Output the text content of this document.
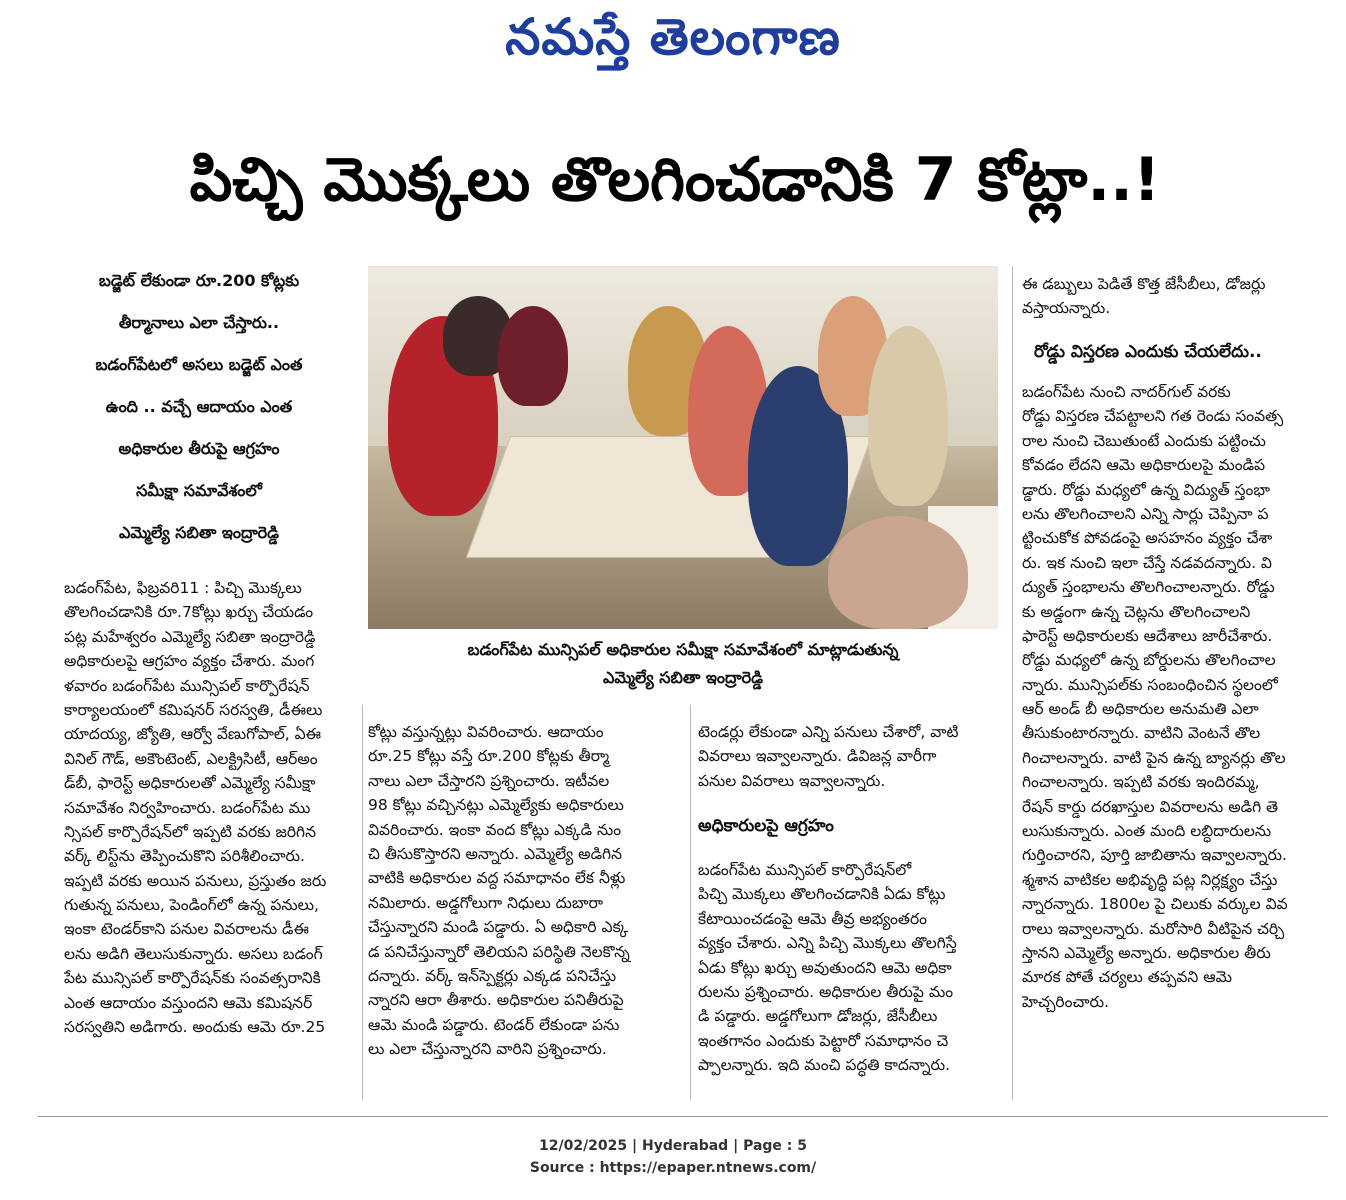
నమస్తే తెలంగాణ
పిచ్చి మొక్కలు తొలగించడానికి 7 కోట్లా..!
బడ్జెట్ లేకుండా రూ.200 కోట్లకు
తీర్మానాలు ఎలా చేస్తారు..
బడంగ్‌పేటలో అసలు బడ్జెట్ ఎంత
ఉంది .. వచ్చే ఆదాయం ఎంత
అధికారుల తీరుపై ఆగ్రహం
సమీక్షా సమావేశంలో
ఎమ్మెల్యే సబితా ఇంద్రారెడ్డి
బడంగ్‌పేట మున్సిపల్ అధికారుల సమీక్షా సమావేశంలో మాట్లాడుతున్న
ఎమ్మెల్యే సబితా ఇంద్రారెడ్డి
బడంగ్‌పేట, ఫిబ్రవరి11 : పిచ్చి మొక్కలు
తొలగించడానికి రూ.7కోట్లు ఖర్చు చేయడం
పట్ల మహేశ్వరం ఎమ్మెల్యే సబితా ఇంద్రారెడ్డి
అధికారులపై ఆగ్రహం వ్యక్తం చేశారు. మంగ
ళవారం బడంగ్‌పేట మున్సిపల్ కార్పొరేషన్
కార్యాలయంలో కమిషనర్ సరస్వతి, డీఈలు
యాదయ్య, జ్యోతి, ఆర్వో వేణుగోపాల్, ఏఈ
వినిల్ గౌడ్, అకౌంటెంట్, ఎలక్ట్రిసిటీ, ఆర్అం
డ్‌బీ, ఫారెస్ట్ అధికారులతో ఎమ్మెల్యే సమీక్షా
సమావేశం నిర్వహించారు. బడంగ్‌పేట ము
న్సిపల్ కార్పొరేషన్‌లో ఇప్పటి వరకు జరిగిన
వర్క్ లిస్ట్‌ను తెప్పించుకొని పరిశీలించారు.
ఇప్పటి వరకు అయిన పనులు, ప్రస్తుతం జరు
గుతున్న పనులు, పెండింగ్‌లో ఉన్న పనులు,
ఇంకా టెండర్‌కాని పనుల వివరాలను డీఈ
లను అడిగి తెలుసుకున్నారు. అసలు బడంగ్
పేట మున్సిపల్ కార్పొరేషన్‌కు సంవత్సరానికి
ఎంత ఆదాయం వస్తుందని ఆమె కమిషనర్
సరస్వతిని అడిగారు. అందుకు ఆమె రూ.25
కోట్లు వస్తున్నట్లు వివరించారు. ఆదాయం
రూ.25 కోట్లు వస్తే రూ.200 కోట్లకు తీర్మా
నాలు ఎలా చేస్తారని ప్రశ్నించారు. ఇటీవల
98 కోట్లు వచ్చినట్లు ఎమ్మెల్యేకు అధికారులు
వివరించారు. ఇంకా వంద కోట్లు ఎక్కడి నుం
చి తీసుకొస్తారని అన్నారు. ఎమ్మెల్యే అడిగిన
వాటికి అధికారుల వద్ద సమాధానం లేక నీళ్లు
నమిలారు. అడ్డగోలుగా నిధులు దుబారా
చేస్తున్నారని మండి పడ్డారు. ఏ అధికారి ఎక్క
డ పనిచేస్తున్నారో తెలియని పరిస్థితి నెలకొన్న
దన్నారు. వర్క్ ఇన్‌స్పెక్టర్లు ఎక్కడ పనిచేస్తు
న్నారని ఆరా తీశారు. అధికారుల పనితీరుపై
ఆమె మండి పడ్డారు. టెండర్ లేకుండా పను
లు ఎలా చేస్తున్నారని వారిని ప్రశ్నించారు.
టెండర్లు లేకుండా ఎన్ని పనులు చేశారో, వాటి
వివరాలు ఇవ్వాలన్నారు. డివిజన్ల వారీగా
పనుల వివరాలు ఇవ్వాలన్నారు.
అధికారులపై ఆగ్రహం
బడంగ్‌పేట మున్సిపల్ కార్పొరేషన్‌లో
పిచ్చి మొక్కలు తొలగించడానికి ఏడు కోట్లు
కేటాయించడంపై ఆమె తీవ్ర అభ్యంతరం
వ్యక్తం చేశారు. ఎన్ని పిచ్చి మొక్కలు తొలగిస్తే
ఏడు కోట్లు ఖర్చు అవుతుందని ఆమె అధికా
రులను ప్రశ్నించారు. అధికారుల తీరుపై మం
డి పడ్డారు. అడ్డగోలుగా డోజర్లు, జేసీబీలు
ఇంతగానం ఎందుకు పెట్టారో సమాధానం చె
ప్పాలన్నారు. ఇది మంచి పద్ధతి కాదన్నారు.
ఈ డబ్బులు పెడితే కొత్త జేసీబీలు, డోజర్లు
వస్తాయన్నారు.
రోడ్డు విస్తరణ ఎందుకు చేయలేదు..
బడంగ్‌పేట నుంచి నాదర్‌గుల్ వరకు
రోడ్డు విస్తరణ చేపట్టాలని గత రెండు సంవత్స
రాల నుంచి చెబుతుంటే ఎందుకు పట్టించు
కోవడం లేదని ఆమె అధికారులపై మండిప
డ్డారు. రోడ్డు మధ్యలో ఉన్న విద్యుత్ స్తంభా
లను తొలగించాలని ఎన్ని సార్లు చెప్పినా ప
ట్టించుకోక పోవడంపై అసహనం వ్యక్తం చేశా
రు. ఇక నుంచి ఇలా చేస్తే నడవదన్నారు. వి
ద్యుత్ స్తంభాలను తొలగించాలన్నారు. రోడ్డు
కు అడ్డంగా ఉన్న చెట్లను తొలగించాలని
ఫారెస్ట్ అధికారులకు ఆదేశాలు జారీచేశారు.
రోడ్డు మధ్యలో ఉన్న బోర్డులను తొలగించాల
న్నారు. మున్సిపల్‌కు సంబంధించిన స్థలంలో
ఆర్ అండ్ బీ అధికారుల అనుమతి ఎలా
తీసుకుంటారన్నారు. వాటిని వెంటనే తొల
గించాలన్నారు. వాటి పైన ఉన్న బ్యానర్లు తొల
గించాలన్నారు. ఇప్పటి వరకు ఇందిరమ్మ,
రేషన్ కార్డు దరఖాస్తుల వివరాలను అడిగి తె
లుసుకున్నారు. ఎంత మంది లబ్ధిదారులను
గుర్తించారని, పూర్తి జాబితాను ఇవ్వాలన్నారు.
శ్మశాన వాటికల అభివృద్ధి పట్ల నిర్లక్ష్యం చేస్తు
న్నారన్నారు. 1800ల పై చిలుకు వర్కుల వివ
రాలు ఇవ్వాలన్నారు. మరోసారి వీటిపైన చర్చి
స్తానని ఎమ్మెల్యే అన్నారు. అధికారుల తీరు
మారక పోతే చర్యలు తప్పవని ఆమె
హెచ్చరించారు.
12/02/2025 | Hyderabad | Page : 5
Source : https://epaper.ntnews.com/
